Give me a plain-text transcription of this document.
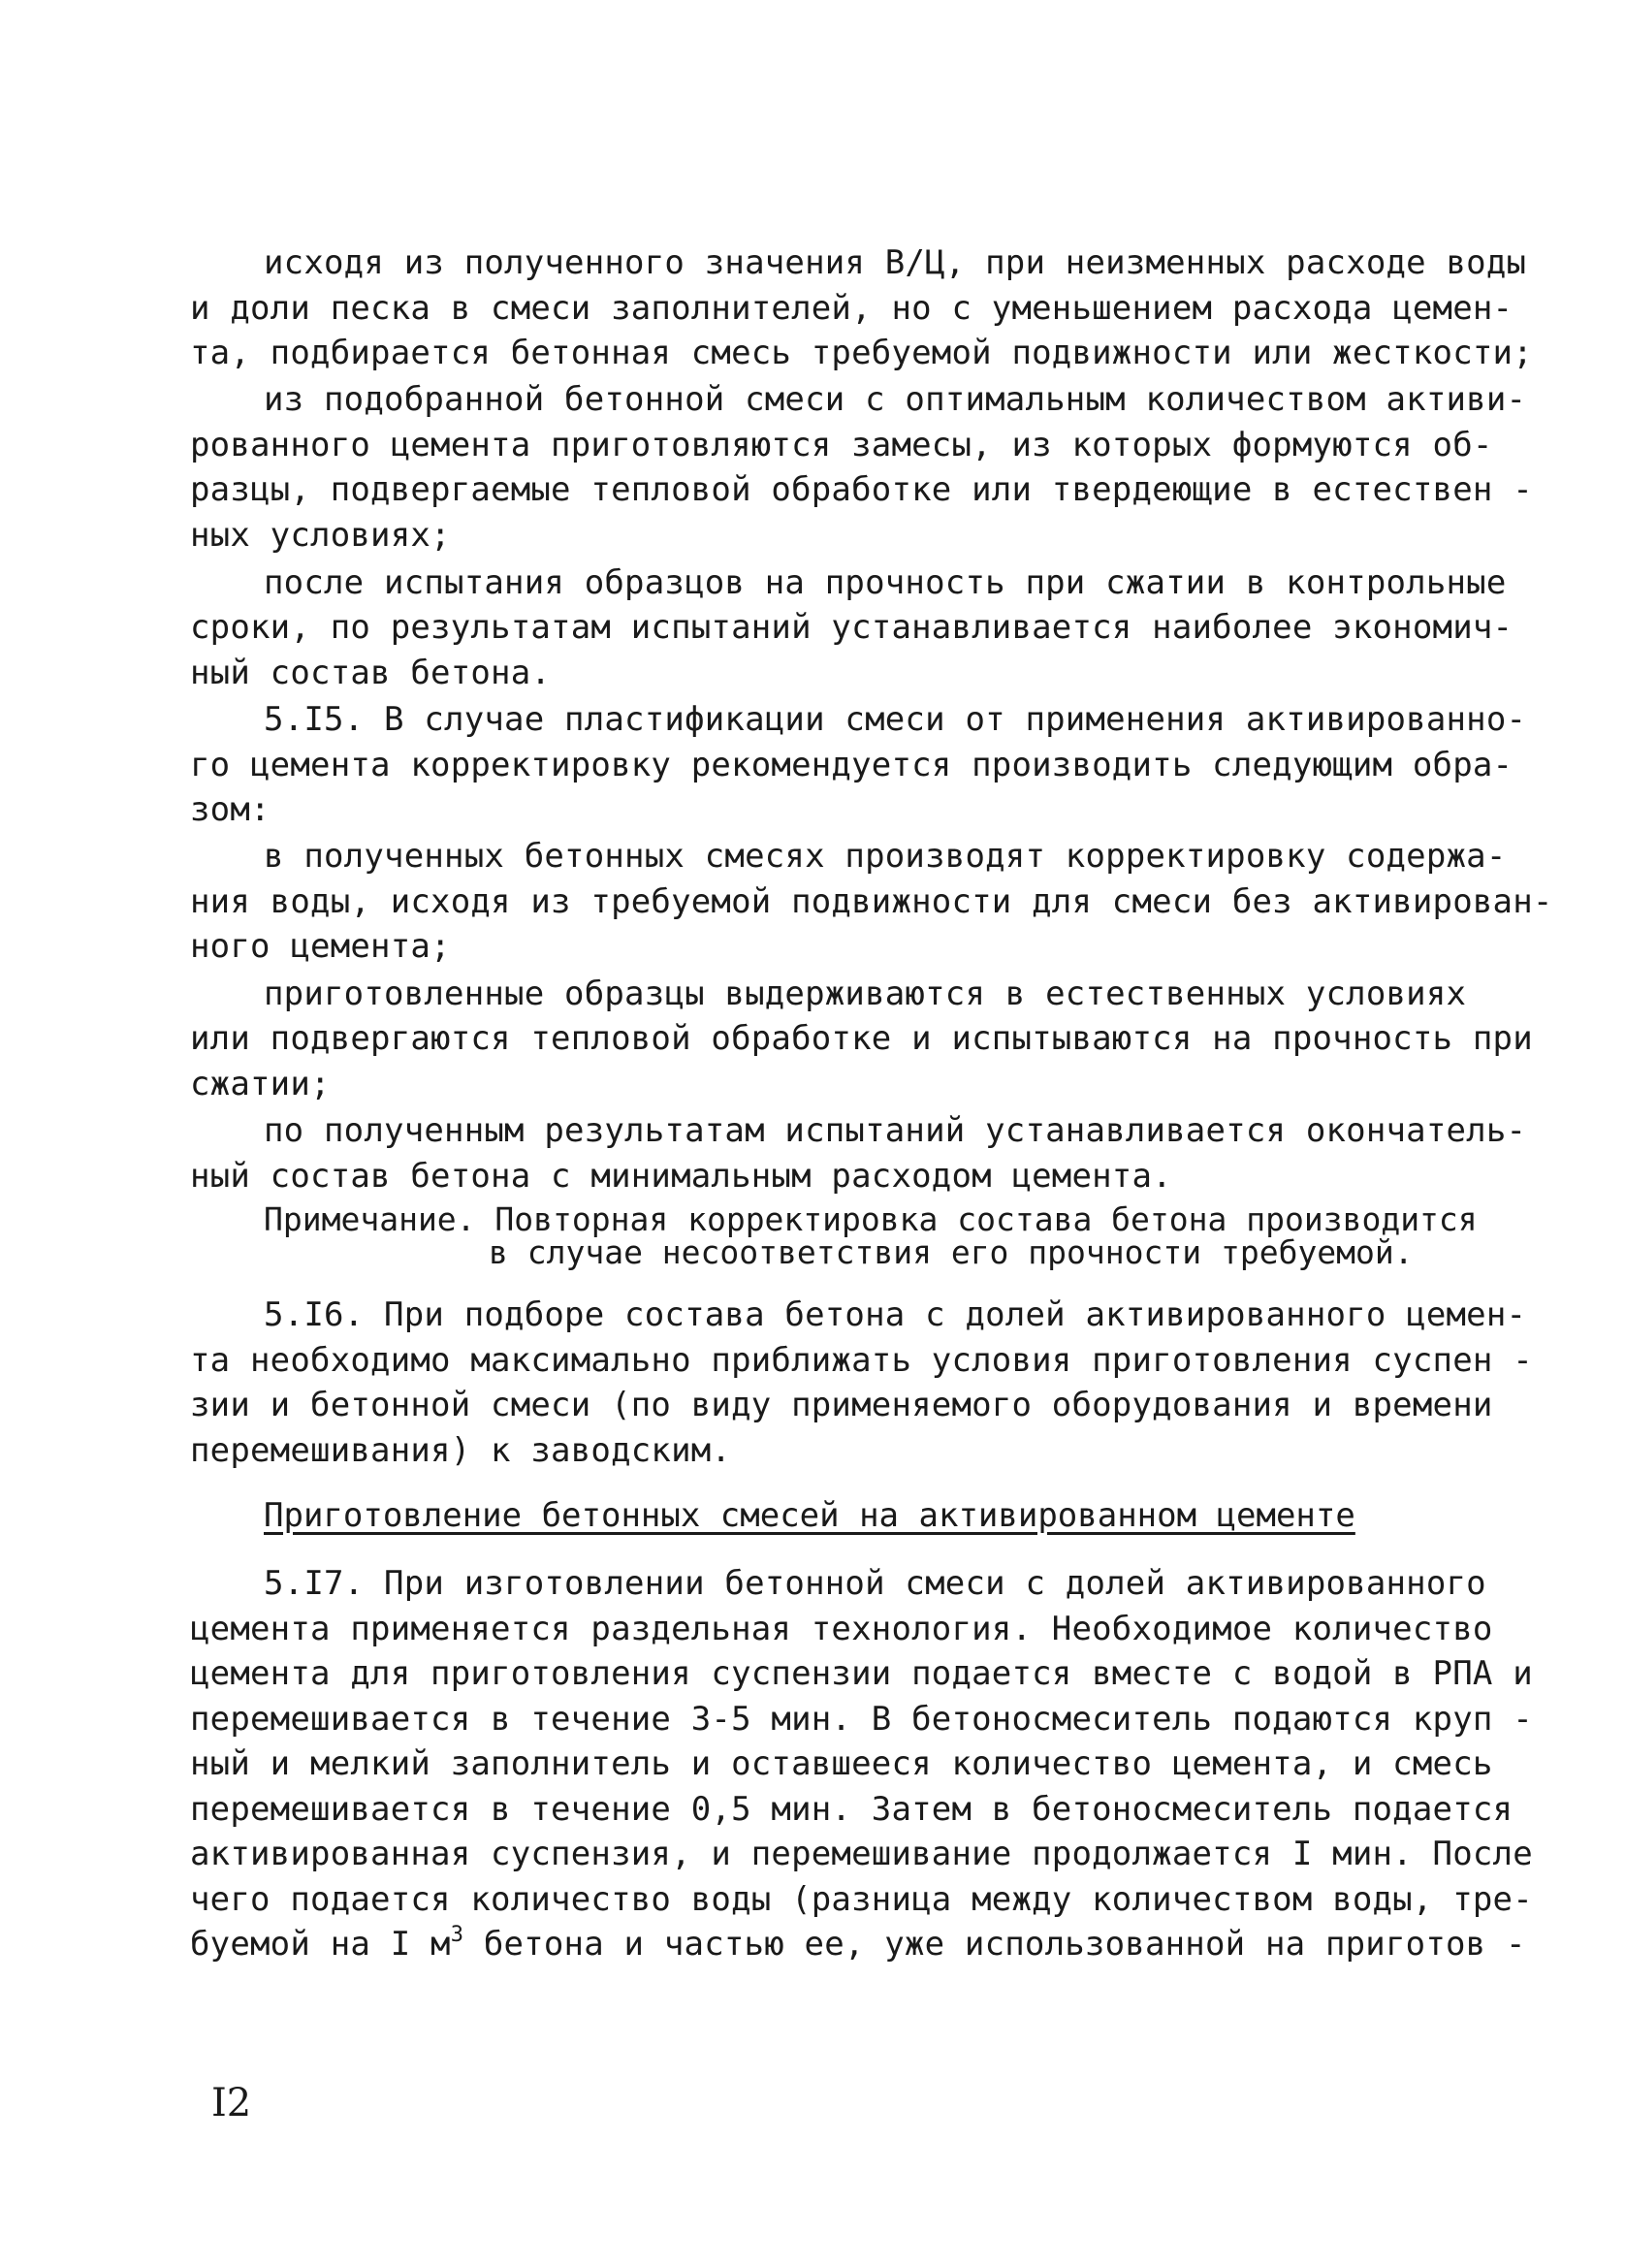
исходя из полученного значения В/Ц, при неизменных расходе воды
и доли песка в смеси заполнителей, но с уменьшением расхода цемен-
та, подбирается бетонная смесь требуемой подвижности или жесткости;
из подобранной бетонной смеси с оптимальным количеством активи-
рованного цемента приготовляются замесы, из которых формуются об-
разцы, подвергаемые тепловой обработке или твердеющие в естествен -
ных условиях;
после испытания образцов на прочность при сжатии в контрольные
сроки, по результатам испытаний устанавливается наиболее экономич-
ный состав бетона.
5.I5. В случае пластификации смеси от применения активированно-
го цемента корректировку рекомендуется производить следующим обра-
зом:
в полученных бетонных смесях производят корректировку содержа-
ния воды, исходя из требуемой подвижности для смеси без активирован-
ного цемента;
приготовленные образцы выдерживаются в естественных условиях
или подвергаются тепловой обработке и испытываются на прочность при
сжатии;
по полученным результатам испытаний устанавливается окончатель-
ный состав бетона с минимальным расходом цемента.
Примечание. Повторная корректировка состава бетона производится
в случае несоответствия его прочности требуемой.
5.I6. При подборе состава бетона с долей активированного цемен-
та необходимо максимально приближать условия приготовления суспен -
зии и бетонной смеси (по виду применяемого оборудования и времени
перемешивания) к заводским.
Приготовление бетонных смесей на активированном цементе
5.I7. При изготовлении бетонной смеси с долей активированного
цемента применяется раздельная технология. Необходимое количество
цемента для приготовления суспензии подается вместе с водой в РПА и
перемешивается в течение 3-5 мин. В бетоносмеситель подаются круп -
ный и мелкий заполнитель и оставшееся количество цемента, и смесь
перемешивается в течение 0,5 мин. Затем в бетоносмеситель подается
активированная суспензия, и перемешивание продолжается I мин. После
чего подается количество воды (разница между количеством воды, тре-
буемой на I $м^3$ бетона и частью ее, уже использованной на приготов -
I2
